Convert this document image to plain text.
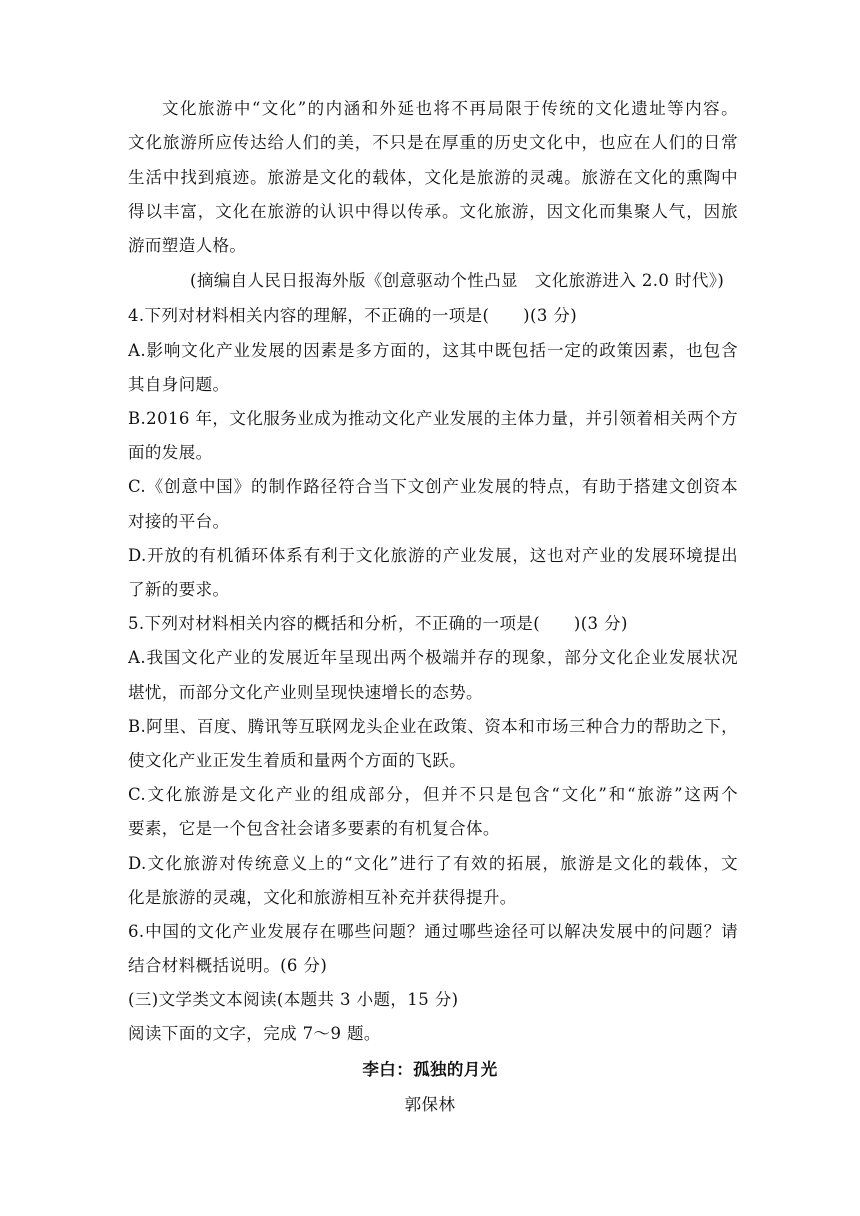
文化旅游中“文化”的内涵和外延也将不再局限于传统的文化遗址等内容。
文化旅游所应传达给人们的美，不只是在厚重的历史文化中，也应在人们的日常
生活中找到痕迹。旅游是文化的载体，文化是旅游的灵魂。旅游在文化的熏陶中
得以丰富，文化在旅游的认识中得以传承。文化旅游，因文化而集聚人气，因旅
游而塑造人格。
(摘编自人民日报海外版《创意驱动个性凸显　文化旅游进入 2.0 时代》)
4.下列对材料相关内容的理解，不正确的一项是(　　)(3 分)
A.影响文化产业发展的因素是多方面的，这其中既包括一定的政策因素，也包含
其自身问题。
B.2016 年，文化服务业成为推动文化产业发展的主体力量，并引领着相关两个方
面的发展。
C.《创意中国》的制作路径符合当下文创产业发展的特点，有助于搭建文创资本
对接的平台。
D.开放的有机循环体系有利于文化旅游的产业发展，这也对产业的发展环境提出
了新的要求。
5.下列对材料相关内容的概括和分析，不正确的一项是(　　)(3 分)
A.我国文化产业的发展近年呈现出两个极端并存的现象，部分文化企业发展状况
堪忧，而部分文化产业则呈现快速增长的态势。
B.阿里、百度、腾讯等互联网龙头企业在政策、资本和市场三种合力的帮助之下，
使文化产业正发生着质和量两个方面的飞跃。
C.文化旅游是文化产业的组成部分，但并不只是包含“文化”和“旅游”这两个
要素，它是一个包含社会诸多要素的有机复合体。
D.文化旅游对传统意义上的“文化”进行了有效的拓展，旅游是文化的载体，文
化是旅游的灵魂，文化和旅游相互补充并获得提升。
6.中国的文化产业发展存在哪些问题？通过哪些途径可以解决发展中的问题？请
结合材料概括说明。(6 分)
(三)文学类文本阅读(本题共 3 小题，15 分)
阅读下面的文字，完成 7～9 题。
李白：孤独的月光
郭保林
